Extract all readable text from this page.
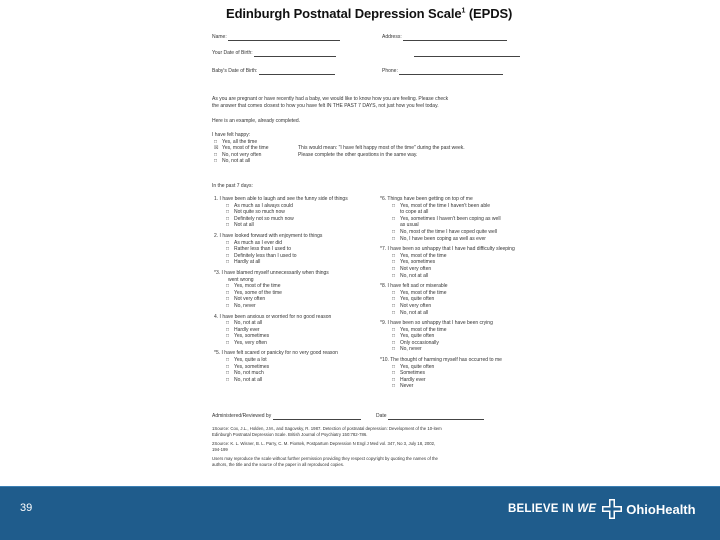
Edinburgh Postnatal Depression Scale$^1$ (EPDS)
Name:	Address:
Your Date of Birth:
Baby's Date of Birth:	Phone:
As you are pregnant or have recently had a baby, we would like to know how you are feeling. Please check
the answer that comes closest to how you have felt IN THE PAST 7 DAYS, not just how you feel today.
Here is an example, already completed.
I have felt happy:
□ Yes, all the time
☒ Yes, most of the time
□ No, not very often
□ No, not at all
This would mean: "I have felt happy most of the time" during the past week.
Please complete the other questions in the same way.
In the past 7 days:
1. I have been able to laugh and see the funny side of things
□ As much as I always could
□ Not quite so much now
□ Definitely not so much now
□ Not at all
2. I have looked forward with enjoyment to things
□ As much as I ever did
□ Rather less than I used to
□ Definitely less than I used to
□ Hardly at all
*3. I have blamed myself unnecessarily when things
went wrong
□ Yes, most of the time
□ Yes, some of the time
□ Not very often
□ No, never
4. I have been anxious or worried for no good reason
□ No, not at all
□ Hardly ever
□ Yes, sometimes
□ Yes, very often
*5. I have felt scared or panicky for no very good reason
□ Yes, quite a lot
□ Yes, sometimes
□ No, not much
□ No, not at all
*6. Things have been getting on top of me
□ Yes, most of the time I haven't been able
to cope at all
□ Yes, sometimes I haven't been coping as well
as usual
□ No, most of the time I have coped quite well
□ No, I have been coping as well as ever
*7. I have been so unhappy that I have had difficulty sleeping
□ Yes, most of the time
□ Yes, sometimes
□ Not very often
□ No, not at all
*8. I have felt sad or miserable
□ Yes, most of the time
□ Yes, quite often
□ Not very often
□ No, not at all
*9. I have been so unhappy that I have been crying
□ Yes, most of the time
□ Yes, quite often
□ Only occasionally
□ No, never
*10. The thought of harming myself has occurred to me
□ Yes, quite often
□ Sometimes
□ Hardly ever
□ Never
Administered/Reviewed by	Date
1Source: Cox, J.L., Holden, J.M., and Sagovsky, R. 1987. Detection of postnatal depression: Development of the 10-item
Edinburgh Postnatal Depression Scale. British Journal of Psychiatry 150:782-786.
2Source: K. L. Wisner, B. L. Parry, C. M. Piontek, Postpartum Depression N Engl J Med vol. 347, No 3, July 18, 2002,
194-199
Users may reproduce the scale without further permission providing they respect copyright by quoting the names of the
authors, the title and the source of the paper in all reproduced copies.
39	BELIEVE IN WE OhioHealth
